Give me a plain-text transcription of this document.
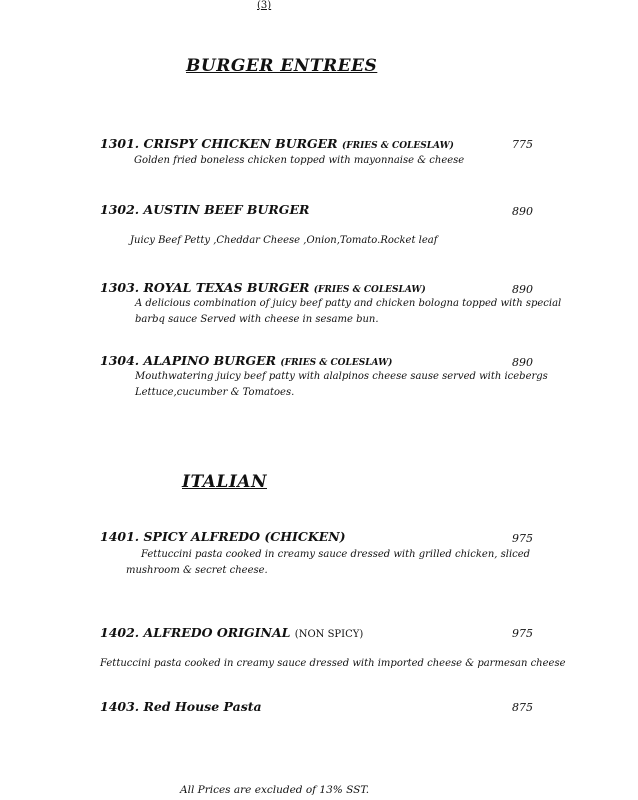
(3)
BURGER ENTREES
1301. CRISPY CHICKEN BURGER (FRIES & COLESLAW)	775
Golden fried boneless chicken topped with mayonnaise & cheese
1302. AUSTIN BEEF BURGER	890
Juicy Beef Petty ,Cheddar Cheese ,Onion,Tomato.Rocket leaf
1303. ROYAL TEXAS BURGER (FRIES & COLESLAW)	890
A delicious combination of juicy beef patty and chicken bologna topped with special
barbq sauce Served with cheese in sesame bun.
1304. ALAPINO BURGER (FRIES & COLESLAW)	890
Mouthwatering juicy beef patty with alalpinos cheese sause served with icebergs
Lettuce,cucumber & Tomatoes.
ITALIAN
1401. SPICY ALFREDO (CHICKEN)	975
Fettuccini pasta cooked in creamy sauce dressed with grilled chicken, sliced
mushroom & secret cheese.
1402. ALFREDO ORIGINAL (NON SPICY)	975
Fettuccini pasta cooked in creamy sauce dressed with imported cheese & parmesan cheese
1403. Red House Pasta	875
All Prices are excluded of 13% SST.
